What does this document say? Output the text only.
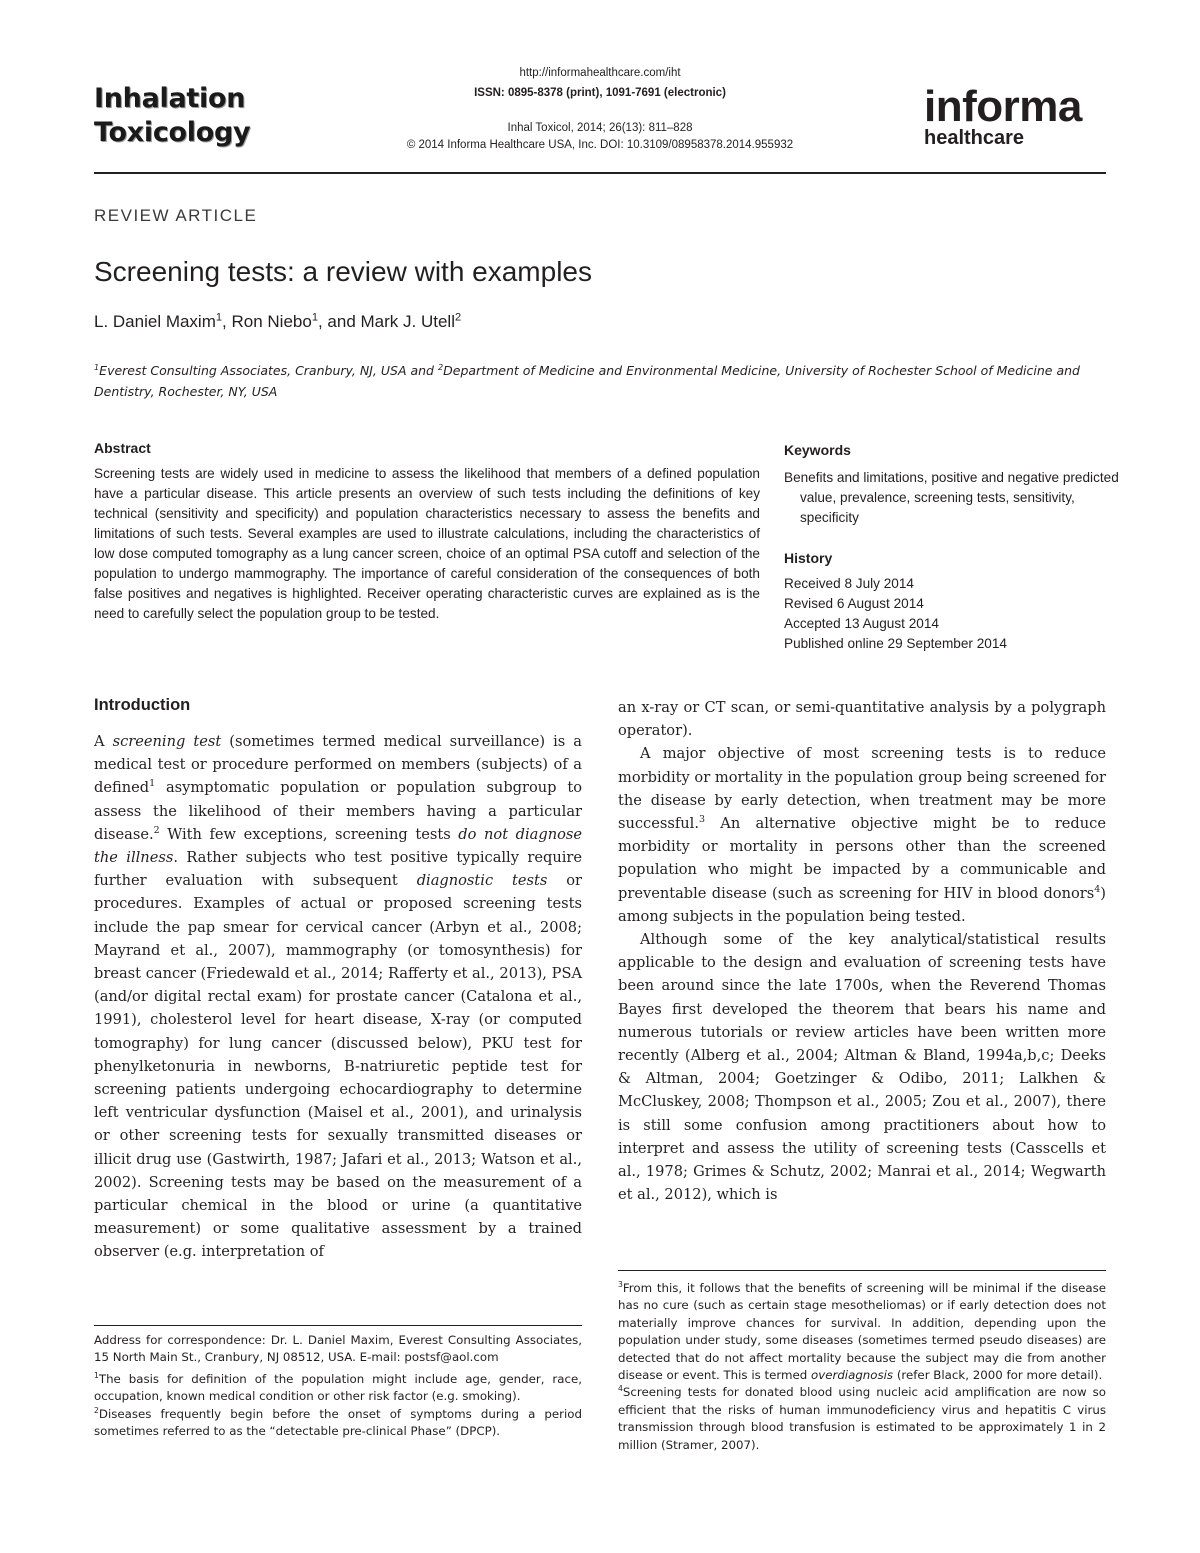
Inhalation
Toxicology
http://informahealthcare.com/iht
ISSN: 0895-8378 (print), 1091-7691 (electronic)
Inhal Toxicol, 2014; 26(13): 811–828
© 2014 Informa Healthcare USA, Inc. DOI: 10.3109/08958378.2014.955932
informa
healthcare
REVIEW ARTICLE
Screening tests: a review with examples
L. Daniel Maxim$^1$, Ron Niebo$^1$, and Mark J. Utell$^2$
$^1$Everest Consulting Associates, Cranbury, NJ, USA and $^2$Department of Medicine and Environmental Medicine, University of Rochester School of Medicine and Dentistry, Rochester, NY, USA
Abstract
Screening tests are widely used in medicine to assess the likelihood that members of a defined population have a particular disease. This article presents an overview of such tests including the definitions of key technical (sensitivity and specificity) and population characteristics necessary to assess the benefits and limitations of such tests. Several examples are used to illustrate calculations, including the characteristics of low dose computed tomography as a lung cancer screen, choice of an optimal PSA cutoff and selection of the population to undergo mammography. The importance of careful consideration of the consequences of both false positives and negatives is highlighted. Receiver operating characteristic curves are explained as is the need to carefully select the population group to be tested.
Keywords
Benefits and limitations, positive and negative predicted value, prevalence, screening tests, sensitivity, specificity
History
Received 8 July 2014
Revised 6 August 2014
Accepted 13 August 2014
Published online 29 September 2014
Introduction

A screening test (sometimes termed medical surveillance) is a medical test or procedure performed on members (subjects) of a defined$^1$ asymptomatic population or population subgroup to assess the likelihood of their members having a particular disease.$^2$ With few exceptions, screening tests do not diagnose the illness. Rather subjects who test positive typically require further evaluation with subsequent diagnostic tests or procedures. Examples of actual or proposed screening tests include the pap smear for cervical cancer (Arbyn et al., 2008; Mayrand et al., 2007), mammography (or tomosynthesis) for breast cancer (Friedewald et al., 2014; Rafferty et al., 2013), PSA (and/or digital rectal exam) for prostate cancer (Catalona et al., 1991), cholesterol level for heart disease, X-ray (or computed tomography) for lung cancer (discussed below), PKU test for phenylketonuria in newborns, B-natriuretic peptide test for screening patients undergoing echocardiography to determine left ventricular dysfunction (Maisel et al., 2001), and urinalysis or other screening tests for sexually transmitted diseases or illicit drug use (Gastwirth, 1987; Jafari et al., 2013; Watson et al., 2002). Screening tests may be based on the measurement of a particular chemical in the blood or urine (a quantitative measurement) or some qualitative assessment by a trained observer (e.g. interpretation of

an x-ray or CT scan, or semi-quantitative analysis by a polygraph operator).

A major objective of most screening tests is to reduce morbidity or mortality in the population group being screened for the disease by early detection, when treatment may be more successful.$^3$ An alternative objective might be to reduce morbidity or mortality in persons other than the screened population who might be impacted by a communicable and preventable disease (such as screening for HIV in blood donors$^4$) among subjects in the population being tested.

Although some of the key analytical/statistical results applicable to the design and evaluation of screening tests have been around since the late 1700s, when the Reverend Thomas Bayes first developed the theorem that bears his name and numerous tutorials or review articles have been written more recently (Alberg et al., 2004; Altman & Bland, 1994a,b,c; Deeks & Altman, 2004; Goetzinger & Odibo, 2011; Lalkhen & McCluskey, 2008; Thompson et al., 2005; Zou et al., 2007), there is still some confusion among practitioners about how to interpret and assess the utility of screening tests (Casscells et al., 1978; Grimes & Schutz, 2002; Manrai et al., 2014; Wegwarth et al., 2012), which is

Address for correspondence: Dr. L. Daniel Maxim, Everest Consulting Associates, 15 North Main St., Cranbury, NJ 08512, USA. E-mail: postsf@aol.com

$^1$The basis for definition of the population might include age, gender, race, occupation, known medical condition or other risk factor (e.g. smoking).

$^2$Diseases frequently begin before the onset of symptoms during a period sometimes referred to as the “detectable pre-clinical Phase” (DPCP).

$^3$From this, it follows that the benefits of screening will be minimal if the disease has no cure (such as certain stage mesotheliomas) or if early detection does not materially improve chances for survival. In addition, depending upon the population under study, some diseases (sometimes termed pseudo diseases) are detected that do not affect mortality because the subject may die from another disease or event. This is termed overdiagnosis (refer Black, 2000 for more detail).

$^4$Screening tests for donated blood using nucleic acid amplification are now so efficient that the risks of human immunodeficiency virus and hepatitis C virus transmission through blood transfusion is estimated to be approximately 1 in 2 million (Stramer, 2007).
